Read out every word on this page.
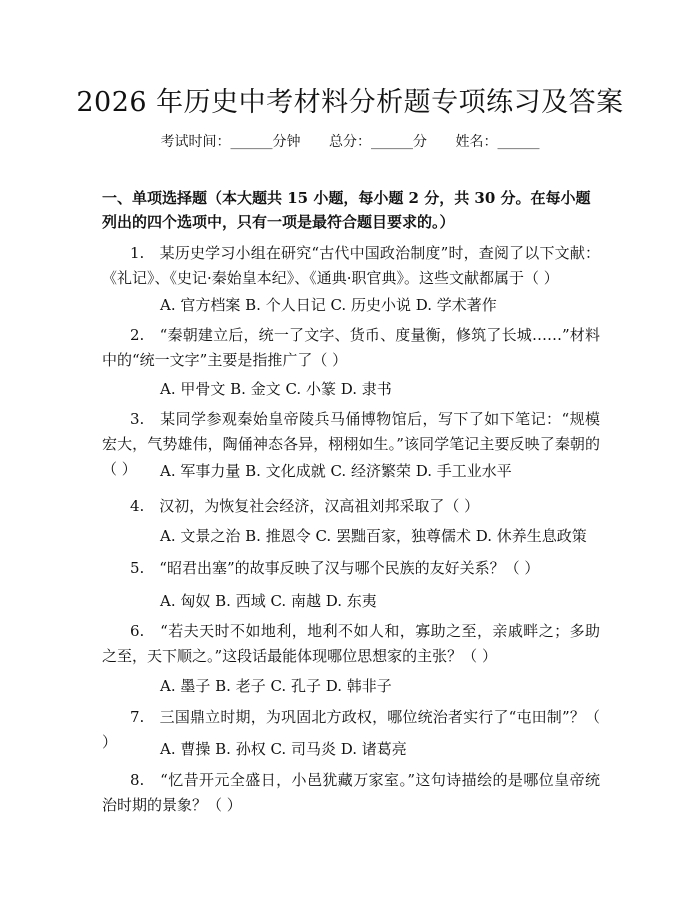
2026 年历史中考材料分析题专项练习及答案
考试时间：______分钟 总分：______分 姓名：______
一、单项选择题（本大题共 15 小题，每小题 2 分，共 30 分。在每小题列出的四个选项中，只有一项是最符合题目要求的。）
1.　某历史学习小组在研究“古代中国政治制度”时，查阅了以下文献：《礼记》、《史记·秦始皇本纪》、《通典·职官典》。这些文献都属于（ ）
A. 官方档案 B. 个人日记 C. 历史小说 D. 学术著作
2.　“秦朝建立后，统一了文字、货币、度量衡，修筑了长城……”材料中的“统一文字”主要是指推广了（ ）
A. 甲骨文 B. 金文 C. 小篆 D. 隶书
3.　某同学参观秦始皇帝陵兵马俑博物馆后，写下了如下笔记：“规模宏大，气势雄伟，陶俑神态各异，栩栩如生。”该同学笔记主要反映了秦朝的（ ）	A. 军事力量 B. 文化成就 C. 经济繁荣 D. 手工业水平
4.　汉初，为恢复社会经济，汉高祖刘邦采取了（ ）
A. 文景之治 B. 推恩令 C. 罢黜百家，独尊儒术 D. 休养生息政策
5.　“昭君出塞”的故事反映了汉与哪个民族的友好关系？（ ）
A. 匈奴 B. 西域 C. 南越 D. 东夷
6.　“若夫天时不如地利，地利不如人和，寡助之至，亲戚畔之；多助之至，天下顺之。”这段话最能体现哪位思想家的主张？（ ）
A. 墨子 B. 老子 C. 孔子 D. 韩非子
7.　三国鼎立时期，为巩固北方政权，哪位统治者实行了“屯田制”？（ ）	A. 曹操 B. 孙权 C. 司马炎 D. 诸葛亮
8.　“忆昔开元全盛日，小邑犹藏万家室。”这句诗描绘的是哪位皇帝统治时期的景象？（ ）
